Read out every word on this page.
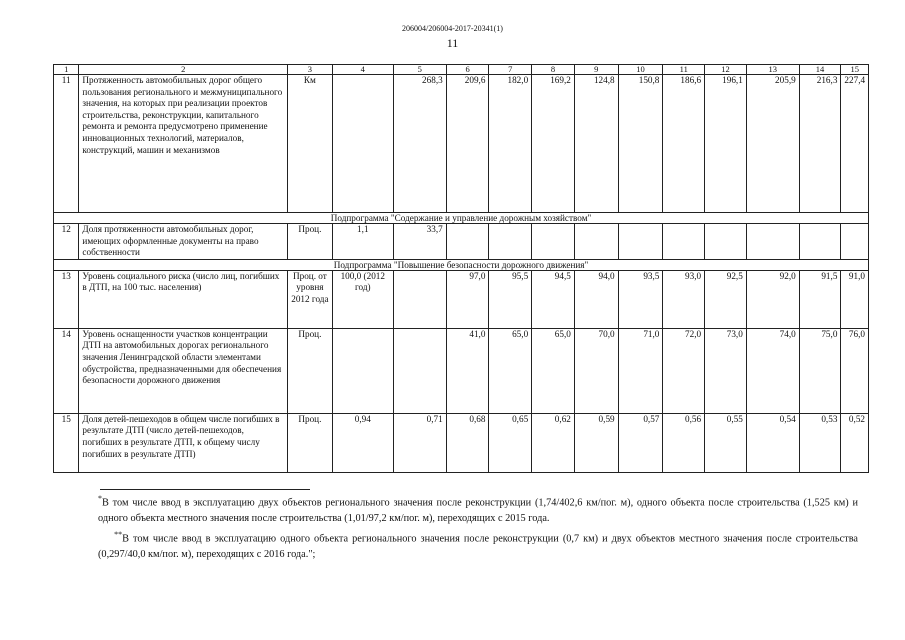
206004/206004-2017-20341(1)
11
1	2	3	4	5	6	7	8	9	10	11	12	13	14	15
11	Протяженность автомобильных дорог общего пользования регионального и межмуниципального значения, на которых при реализации проектов строительства, реконструкции, капитального ремонта и ремонта предусмотрено применение инновационных технологий, материалов, конструкций, машин и механизмов	Км		268,3	209,6	182,0	169,2	124,8	150,8	186,6	196,1	205,9	216,3	227,4
Подпрограмма "Содержание и управление дорожным хозяйством"														
12	Доля протяженности автомобильных дорог, имеющих оформленные документы на право собственности	Проц.	1,1	33,7										
Подпрограмма "Повышение безопасности дорожного движения"														
13	Уровень социального риска (число лиц, погибших в ДТП, на 100 тыс. населения)	Проц. от уровня 2012 года	100,0 (2012 год)		97,0	95,5	94,5	94,0	93,5	93,0	92,5	92,0	91,5	91,0
14	Уровень оснащенности участков концентрации ДТП на автомобильных дорогах регионального значения Ленинградской области элементами обустройства, предназначенными для обеспечения безопасности дорожного движения	Проц.			41,0	65,0	65,0	70,0	71,0	72,0	73,0	74,0	75,0	76,0
15	Доля детей-пешеходов в общем числе погибших в результате ДТП (число детей-пешеходов, погибших в результате ДТП, к общему числу погибших в результате ДТП)	Проц.	0,94	0,71	0,68	0,65	0,62	0,59	0,57	0,56	0,55	0,54	0,53	0,52
*В том числе ввод в эксплуатацию двух объектов регионального значения после реконструкции (1,74/402,6 км/пог. м), одного объекта после строительства (1,525 км) и одного объекта местного значения после строительства (1,01/97,2 км/пог. м), переходящих с 2015 года.
**В том числе ввод в эксплуатацию одного объекта регионального значения после реконструкции (0,7 км) и двух объектов местного значения после строительства (0,297/40,0 км/пог. м), переходящих с 2016 года.";
